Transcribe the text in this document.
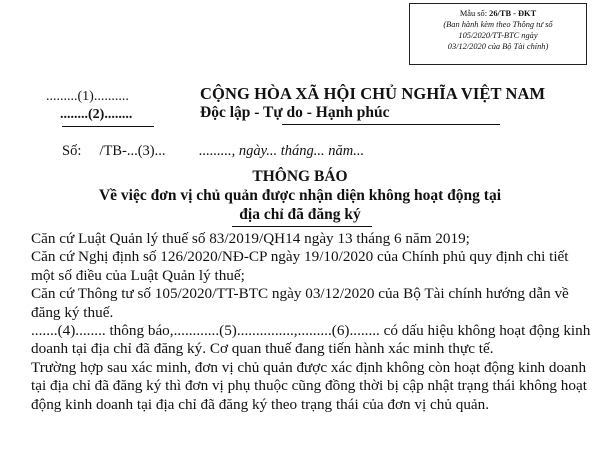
Mẫu số: 26/TB - ĐKT
(Ban hành kèm theo Thông tư số
105/2020/TT-BTC ngày
03/12/2020 của Bộ Tài chính)
.........(1)..........
........(2)........
CỘNG HÒA XÃ HỘI CHỦ NGHĨA VIỆT NAM
Độc lập - Tự do - Hạnh phúc
Số:     /TB-...(3)... ........., ngày... tháng... năm...
THÔNG BÁO
Về việc đơn vị chủ quản được nhận diện không hoạt động tại
địa chỉ đã đăng ký

Căn cứ Luật Quản lý thuế số 83/2019/QH14 ngày 13 tháng 6 năm 2019;

Căn cứ Nghị định số 126/2020/NĐ-CP ngày 19/10/2020 của Chính phủ quy định chi tiết một số điều của Luật Quản lý thuế;

Căn cứ Thông tư số 105/2020/TT-BTC ngày 03/12/2020 của Bộ Tài chính hướng dẫn về đăng ký thuế.

.......(4)........ thông báo,............(5)...............,.........(6)........ có dấu hiệu không hoạt động kinh doanh tại địa chỉ đã đăng ký. Cơ quan thuế đang tiến hành xác minh thực tế.

Trường hợp sau xác minh, đơn vị chủ quản được xác định không còn hoạt động kinh doanh tại địa chỉ đã đăng ký thì đơn vị phụ thuộc cũng đồng thời bị cập nhật trạng thái không hoạt động kinh doanh tại địa chỉ đã đăng ký theo trạng thái của đơn vị chủ quản.
